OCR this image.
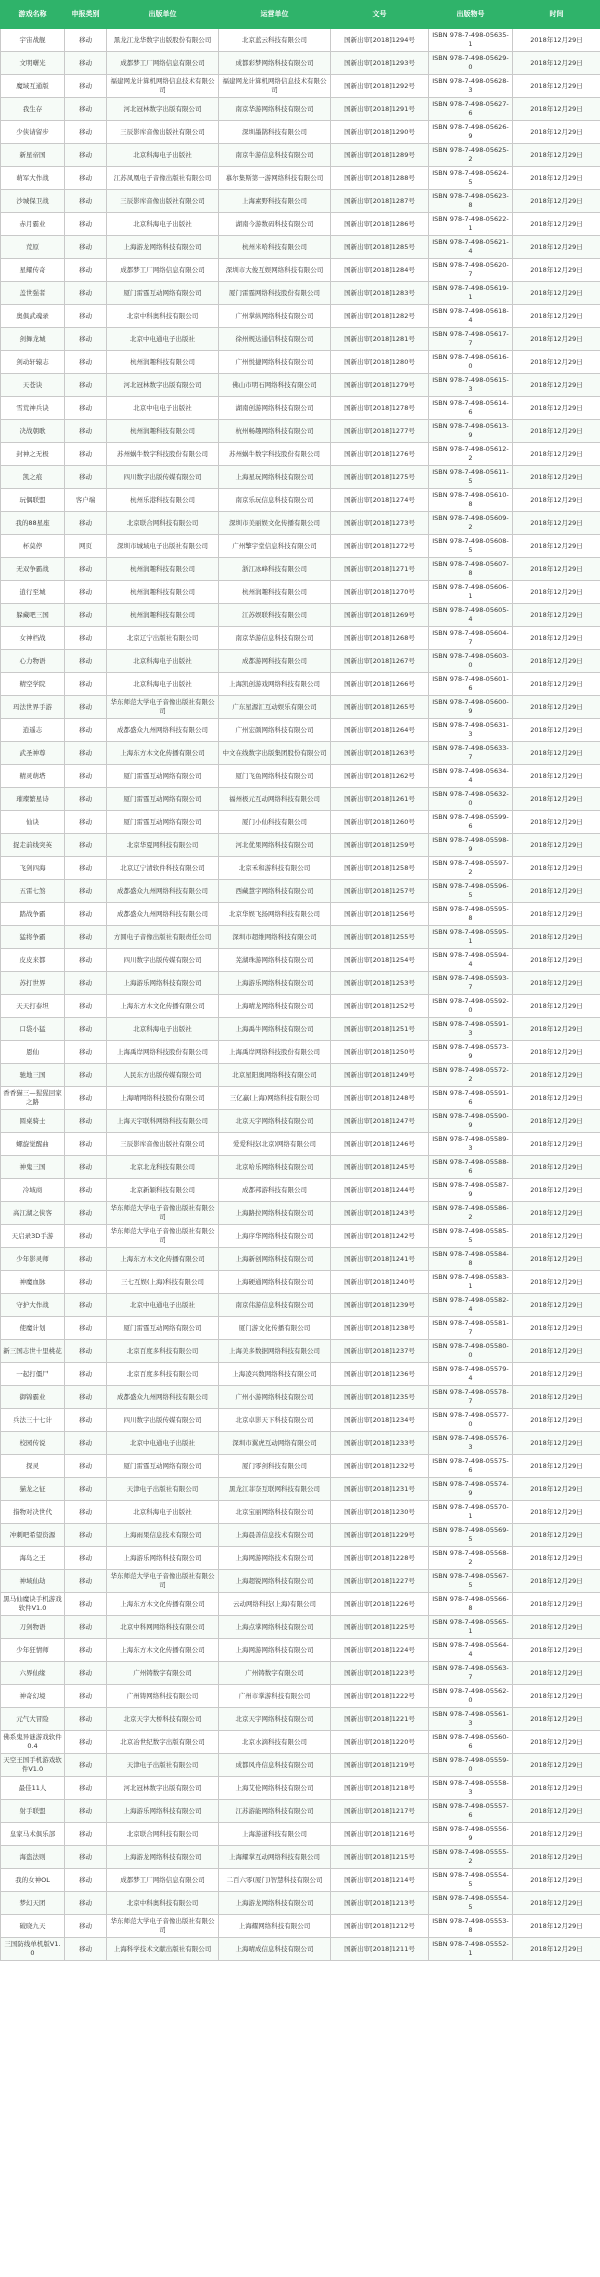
游戏名称	申报类别	出版单位	运营单位	文号	出版物号	时间
宇宙战舰	移动	黑龙江龙华数字出版股份有限公司	北京蓝云科技有限公司	国新出审[2018]1294号	ISBN 978-7-498-05635-1	2018年12月29日
文明曙光	移动	成都梦工厂网络信息有限公司	成都彩梦网络科技有限公司	国新出审[2018]1293号	ISBN 978-7-498-05629-0	2018年12月29日
魔域互通版	移动	福建网龙计算机网络信息技术有限公司	福建网龙计算机网络信息技术有限公司	国新出审[2018]1292号	ISBN 978-7-498-05628-3	2018年12月29日
我生存	移动	河北冠林数字出版有限公司	南京华游网络科技有限公司	国新出审[2018]1291号	ISBN 978-7-498-05627-6	2018年12月29日
少侠请留步	移动	三辰影库音像出版社有限公司	深圳墨鹊科技有限公司	国新出审[2018]1290号	ISBN 978-7-498-05626-9	2018年12月29日
新星帝国	移动	北京科海电子出版社	南京牛游信息科技有限公司	国新出审[2018]1289号	ISBN 978-7-498-05625-2	2018年12月29日
萌军大作战	移动	江苏凤凰电子音像出版社有限公司	慕尔集斯第一游网络科技有限公司	国新出审[2018]1288号	ISBN 978-7-498-05624-5	2018年12月29日
沙城保卫战	移动	三辰影库音像出版社有限公司	上海素野科技有限公司	国新出审[2018]1287号	ISBN 978-7-498-05623-8	2018年12月29日
赤月霸业	移动	北京科海电子出版社	湖南今游数码科技有限公司	国新出审[2018]1286号	ISBN 978-7-498-05622-1	2018年12月29日
荒原	移动	上海游龙网络科技有限公司	杭州米哈科技有限公司	国新出审[2018]1285号	ISBN 978-7-498-05621-4	2018年12月29日
星耀传奇	移动	成都梦工厂网络信息有限公司	深圳市大俊互娱网络科技有限公司	国新出审[2018]1284号	ISBN 978-7-498-05620-7	2018年12月29日
盖世强者	移动	厦门雷霆互动网络有限公司	厦门雷霆网络科技股份有限公司	国新出审[2018]1283号	ISBN 978-7-498-05619-1	2018年12月29日
奥俱武魂录	移动	北京中科奥科技有限公司	广州掌纵网络科技有限公司	国新出审[2018]1282号	ISBN 978-7-498-05618-4	2018年12月29日
剑舞龙城	移动	北京中电通电子出版社	徐州规达通信科技有限公司	国新出审[2018]1281号	ISBN 978-7-498-05617-7	2018年12月29日
剑动轩辕志	移动	杭州润趣科技有限公司	广州悦捷网络科技有限公司	国新出审[2018]1280号	ISBN 978-7-498-05616-0	2018年12月29日
天苍诀	移动	河北冠林数字出版有限公司	佛山市明石网络科技有限公司	国新出审[2018]1279号	ISBN 978-7-498-05615-3	2018年12月29日
雪荒神兵诀	移动	北京中电电子出版社	湖南创游网络科技有限公司	国新出审[2018]1278号	ISBN 978-7-498-05614-6	2018年12月29日
决战朝歌	移动	杭州润趣科技有限公司	杭州畅趣网络科技有限公司	国新出审[2018]1277号	ISBN 978-7-498-05613-9	2018年12月29日
封神之无极	移动	苏州蜗牛数字科技股份有限公司	苏州蜗牛数字科技股份有限公司	国新出审[2018]1276号	ISBN 978-7-498-05612-2	2018年12月29日
凯之痕	移动	四川数字出版传媒有限公司	上海星玩网络科技有限公司	国新出审[2018]1275号	ISBN 978-7-498-05611-5	2018年12月29日
玩偶联盟	客户端	杭州乐港科技有限公司	南京乐玩信息科技有限公司	国新出审[2018]1274号	ISBN 978-7-498-05610-8	2018年12月29日
我的88星座	移动	北京联合网科技有限公司	深圳市美丽娱文化传播有限公司	国新出审[2018]1273号	ISBN 978-7-498-05609-2	2018年12月29日
杯莫停	网页	深圳市城域电子出版社有限公司	广州擎宇堂信息科技有限公司	国新出审[2018]1272号	ISBN 978-7-498-05608-5	2018年12月29日
无双争霸战	移动	杭州润趣科技有限公司	浙江冰峰科技有限公司	国新出审[2018]1271号	ISBN 978-7-498-05607-8	2018年12月29日
逍行至城	移动	杭州润趣科技有限公司	杭州润趣科技有限公司	国新出审[2018]1270号	ISBN 978-7-498-05606-1	2018年12月29日
躲藏吧三国	移动	杭州润趣科技有限公司	江苏娱联科技有限公司	国新出审[2018]1269号	ISBN 978-7-498-05605-4	2018年12月29日
女神档战	移动	北京辽宁出版社有限公司	南京华游信息科技有限公司	国新出审[2018]1268号	ISBN 978-7-498-05604-7	2018年12月29日
心力物语	移动	北京科海电子出版社	成都游网科技有限公司	国新出审[2018]1267号	ISBN 978-7-498-05603-0	2018年12月29日
精空学院	移动	北京科海电子出版社	上海凯创游戏网络科技有限公司	国新出审[2018]1266号	ISBN 978-7-498-05601-6	2018年12月29日
玛法世界手游	移动	华东师范大学电子音像出版社有限公司	广东星源汇互动娱乐有限公司	国新出审[2018]1265号	ISBN 978-7-498-05600-9	2018年12月29日
逍遥志	移动	成都盛众九州网络科技有限公司	广州宏颜网络科技有限公司	国新出审[2018]1264号	ISBN 978-7-498-05631-3	2018年12月29日
武圣神尊	移动	上海东方木文化传播有限公司	中文在线数字出版集团股份有限公司	国新出审[2018]1263号	ISBN 978-7-498-05633-7	2018年12月29日
精灵萌塔	移动	厦门雷霆互动网络有限公司	厦门飞鱼网络科技有限公司	国新出审[2018]1262号	ISBN 978-7-498-05634-4	2018年12月29日
璀璨繁星诗	移动	厦门雷霆互动网络有限公司	福州极元互动网络科技有限公司	国新出审[2018]1261号	ISBN 978-7-498-05632-0	2018年12月29日
仙诀	移动	厦门雷霆互动网络有限公司	厦门小仙科技有限公司	国新出审[2018]1260号	ISBN 978-7-498-05599-6	2018年12月29日
捉走前线突英	移动	北京华夏网科技有限公司	河北优果网络科技有限公司	国新出审[2018]1259号	ISBN 978-7-498-05598-9	2018年12月29日
飞剑四海	移动	北京辽宁清软件科技有限公司	北京禾和游科技有限公司	国新出审[2018]1258号	ISBN 978-7-498-05597-2	2018年12月29日
五雷七煞	移动	成都盛众九州网络科技有限公司	西藏慧宇网络科技有限公司	国新出审[2018]1257号	ISBN 978-7-498-05596-5	2018年12月29日
踏战争霸	移动	成都盛众九州网络科技有限公司	北京华娱飞扬网络科技有限公司	国新出审[2018]1256号	ISBN 978-7-498-05595-8	2018年12月29日
猛将争霸	移动	方圆电子音像出版社有限责任公司	深圳市超维网络科技有限公司	国新出审[2018]1255号	ISBN 978-7-498-05595-1	2018年12月29日
皮皮来都	移动	四川数字出版传媒有限公司	芜湖珠游网络科技有限公司	国新出审[2018]1254号	ISBN 978-7-498-05594-4	2018年12月29日
苏打世界	移动	上海游乐网络科技有限公司	上海游乐网络科技有限公司	国新出审[2018]1253号	ISBN 978-7-498-05593-7	2018年12月29日
天天打泰坦	移动	上海东方木文化传播有限公司	上海晴龙网络科技有限公司	国新出审[2018]1252号	ISBN 978-7-498-05592-0	2018年12月29日
口袋小猛	移动	北京科海电子出版社	上海禹牛网络科技有限公司	国新出审[2018]1251号	ISBN 978-7-498-05591-3	2018年12月29日
恩仙	移动	上海禹岸网络科技股份有限公司	上海禹岸网络科技股份有限公司	国新出审[2018]1250号	ISBN 978-7-498-05573-9	2018年12月29日
驰地三国	移动	人民东方出版传媒有限公司	北京星阳奥网络科技有限公司	国新出审[2018]1249号	ISBN 978-7-498-05572-2	2018年12月29日
香香猫三—猩猩回家之路	移动	上海晴网络科技股份有限公司	三亿赢(上海)网络科技有限公司	国新出审[2018]1248号	ISBN 978-7-498-05591-6	2018年12月29日
圆桌骑士	移动	上海天宇联科网络科技有限公司	北京天宇网络科技有限公司	国新出审[2018]1247号	ISBN 978-7-498-05590-9	2018年12月29日
螺旋觉醒曲	移动	三辰影库音像出版社有限公司	爱爱科技(北京)网络有限公司	国新出审[2018]1246号	ISBN 978-7-498-05589-3	2018年12月29日
神鬼三国	移动	北京北龙科技有限公司	北京哈乐网络科技有限公司	国新出审[2018]1245号	ISBN 978-7-498-05588-6	2018年12月29日
冷域商	移动	北京新颖科技有限公司	成都邦游科技有限公司	国新出审[2018]1244号	ISBN 978-7-498-05587-9	2018年12月29日
高江湖之侠客	移动	华东师范大学电子音像出版社有限公司	上海路拉网络科技有限公司	国新出审[2018]1243号	ISBN 978-7-498-05586-2	2018年12月29日
天启录3D手游	移动	华东师范大学电子音像出版社有限公司	上海序华网络科技有限公司	国新出审[2018]1242号	ISBN 978-7-498-05585-5	2018年12月29日
少年影灵师	移动	上海东方木文化传播有限公司	上海新创网络科技有限公司	国新出审[2018]1241号	ISBN 978-7-498-05584-8	2018年12月29日
神魔血脉	移动	三七互娱(上海)科技有限公司	上海硬通网络科技有限公司	国新出审[2018]1240号	ISBN 978-7-498-05583-1	2018年12月29日
守护大作战	移动	北京中电通电子出版社	南京伟游信息科技有限公司	国新出审[2018]1239号	ISBN 978-7-498-05582-4	2018年12月29日
使魔计划	移动	厦门雷霆互动网络有限公司	厦门游文化传播有限公司	国新出审[2018]1238号	ISBN 978-7-498-05581-7	2018年12月29日
新三国志世十里桃花	移动	北京百度多科技有限公司	上海美多数据网络科技有限公司	国新出审[2018]1237号	ISBN 978-7-498-05580-0	2018年12月29日
一起打僵尸	移动	北京百度多科技有限公司	上海凌兴数网络科技有限公司	国新出审[2018]1236号	ISBN 978-7-498-05579-4	2018年12月29日
御锦霸业	移动	成都盛众九州网络科技有限公司	广州小游网络科技有限公司	国新出审[2018]1235号	ISBN 978-7-498-05578-7	2018年12月29日
兵法三十七计	移动	四川数字出版传媒有限公司	北京卓影天下科技有限公司	国新出审[2018]1234号	ISBN 978-7-498-05577-0	2018年12月29日
校园传说	移动	北京中电通电子出版社	深圳市翼虎互动网络有限公司	国新出审[2018]1233号	ISBN 978-7-498-05576-3	2018年12月29日
探灵	移动	厦门雷霆互动网络有限公司	厦门零剑科技有限公司	国新出审[2018]1232号	ISBN 978-7-498-05575-6	2018年12月29日
猫龙之征	移动	天津电子出版社有限公司	黑龙江菲奈互联网科技有限公司	国新出审[2018]1231号	ISBN 978-7-498-05574-9	2018年12月29日
指物对决世代	移动	北京科海电子出版社	北京宝丽网络科技有限公司	国新出审[2018]1230号	ISBN 978-7-498-05570-1	2018年12月29日
冲刺吧希望资源	移动	上海雨果信息技术有限公司	上海晨善信息技术有限公司	国新出审[2018]1229号	ISBN 978-7-498-05569-5	2018年12月29日
海岛之王	移动	上海游乐网络科技有限公司	上海网游网络技术有限公司	国新出审[2018]1228号	ISBN 978-7-498-05568-2	2018年12月29日
神域仙劫	移动	华东师范大学电子音像出版社有限公司	上海超锐网络科技有限公司	国新出审[2018]1227号	ISBN 978-7-498-05567-5	2018年12月29日
黑马仙魔诀手机游戏软件V1.0	移动	上海东方木文化传播有限公司	云动网络科技(上海)有限公司	国新出审[2018]1226号	ISBN 978-7-498-05566-8	2018年12月29日
刀剑物语	移动	北京中科网网络科技有限公司	上海点掌网络科技有限公司	国新出审[2018]1225号	ISBN 978-7-498-05565-1	2018年12月29日
少年狂情师	移动	上海东方木文化传播有限公司	上海网游网络科技有限公司	国新出审[2018]1224号	ISBN 978-7-498-05564-4	2018年12月29日
六界仙缘	移动	广州铸数字有限公司	广州铸数字有限公司	国新出审[2018]1223号	ISBN 978-7-498-05563-7	2018年12月29日
神奇幻境	移动	广州铸网络科技有限公司	广州市掌游科技有限公司	国新出审[2018]1222号	ISBN 978-7-498-05562-0	2018年12月29日
元气大冒险	移动	北京天宇大桥科技有限公司	北京天宇网络科技有限公司	国新出审[2018]1221号	ISBN 978-7-498-05561-3	2018年12月29日
佛系鬼异谜游戏软件0.4	移动	北京冶世纪数字出版有限公司	北京水滴科技有限公司	国新出审[2018]1220号	ISBN 978-7-498-05560-6	2018年12月29日
天空王国手机游戏软件V1.0	移动	天津电子出版社有限公司	成都风舟信息科技有限公司	国新出审[2018]1219号	ISBN 978-7-498-05559-0	2018年12月29日
最佳11人	移动	河北冠林数字出版有限公司	上海艾伦网络科技有限公司	国新出审[2018]1218号	ISBN 978-7-498-05558-3	2018年12月29日
射手联盟	移动	上海游乐网络科技有限公司	江苏游能网络科技有限公司	国新出审[2018]1217号	ISBN 978-7-498-05557-6	2018年12月29日
皇家马术俱乐部	移动	北京联合网科技有限公司	上海游道科技有限公司	国新出审[2018]1216号	ISBN 978-7-498-05556-9	2018年12月29日
海盗法则	移动	上海游龙网络科技有限公司	上海耀掌互动网络科技有限公司	国新出审[2018]1215号	ISBN 978-7-498-05555-2	2018年12月29日
我的女神OL	移动	成都梦工厂网络信息有限公司	二百六零(厦门)智慧科技有限公司	国新出审[2018]1214号	ISBN 978-7-498-05554-5	2018年12月29日
梦幻天团	移动	北京中科奥科技有限公司	上海游龙网络科技有限公司	国新出审[2018]1213号	ISBN 978-7-498-05554-5	2018年12月29日
破晓九天	移动	华东师范大学电子音像出版社有限公司	上海耀网络科技有限公司	国新出审[2018]1212号	ISBN 978-7-498-05553-8	2018年12月29日
三国防线单机版V1.0	移动	上海科学技术文献出版社有限公司	上海晴成信息科技有限公司	国新出审[2018]1211号	ISBN 978-7-498-05552-1	2018年12月29日
